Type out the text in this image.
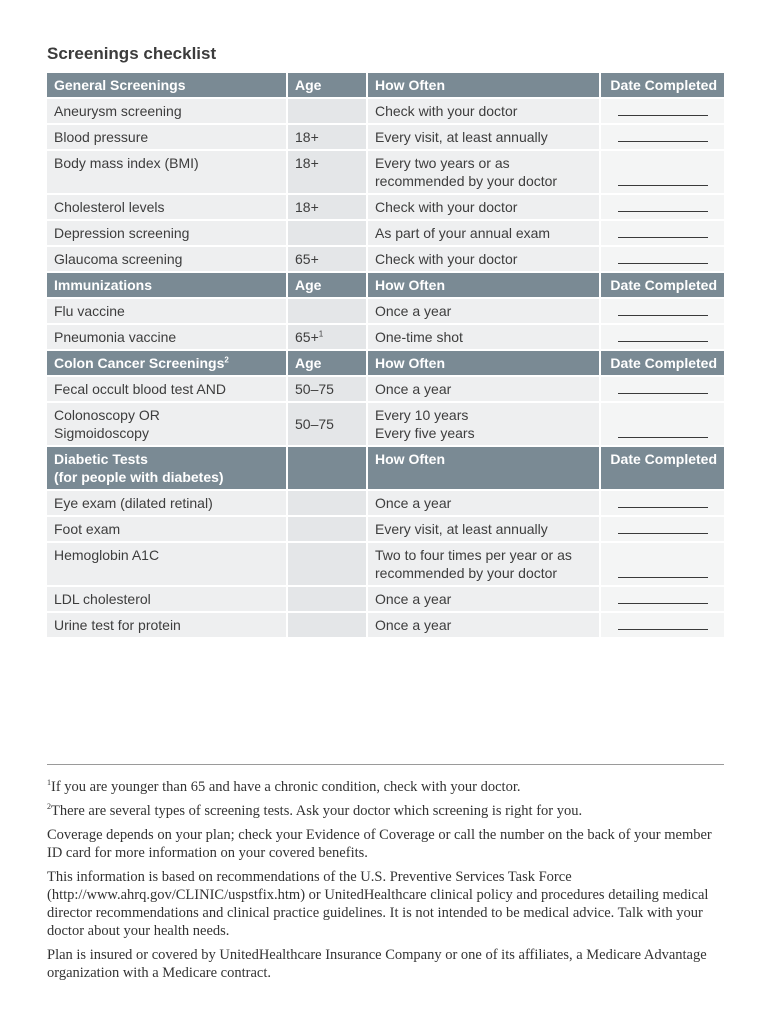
Screenings checklist
General Screenings	Age	How Often	Date Completed
Aneurysm screening		Check with your doctor	
Blood pressure	18+	Every visit, at least annually	
Body mass index (BMI)	18+	Every two years or as
recommended by your doctor	
Cholesterol levels	18+	Check with your doctor	
Depression screening		As part of your annual exam	
Glaucoma screening	65+	Check with your doctor	
Immunizations	Age	How Often	Date Completed
Flu vaccine		Once a year	
Pneumonia vaccine	65+$^1$	One-time shot	
Colon Cancer Screenings$^2$	Age	How Often	Date Completed
Fecal occult blood test AND	50–75	Once a year	
Colonoscopy OR
Sigmoidoscopy	50–75	Every 10 years
Every five years	
Diabetic Tests
(for people with diabetes)		How Often	Date Completed
Eye exam (dilated retinal)		Once a year	
Foot exam		Every visit, at least annually	
Hemoglobin A1C		Two to four times per year or as
recommended by your doctor	
LDL cholesterol		Once a year	
Urine test for protein		Once a year	

$^1$If you are younger than 65 and have a chronic condition, check with your doctor.

$^2$There are several types of screening tests. Ask your doctor which screening is right for you.

Coverage depends on your plan; check your Evidence of Coverage or call the number on the back of your member ID card for more information on your covered benefits.

This information is based on recommendations of the U.S. Preventive Services Task Force (http://www.ahrq.gov/CLINIC/uspstfix.htm) or UnitedHealthcare clinical policy and procedures detailing medical director recommendations and clinical practice guidelines. It is not intended to be medical advice. Talk with your doctor about your health needs.

Plan is insured or covered by UnitedHealthcare Insurance Company or one of its affiliates, a Medicare Advantage organization with a Medicare contract.
